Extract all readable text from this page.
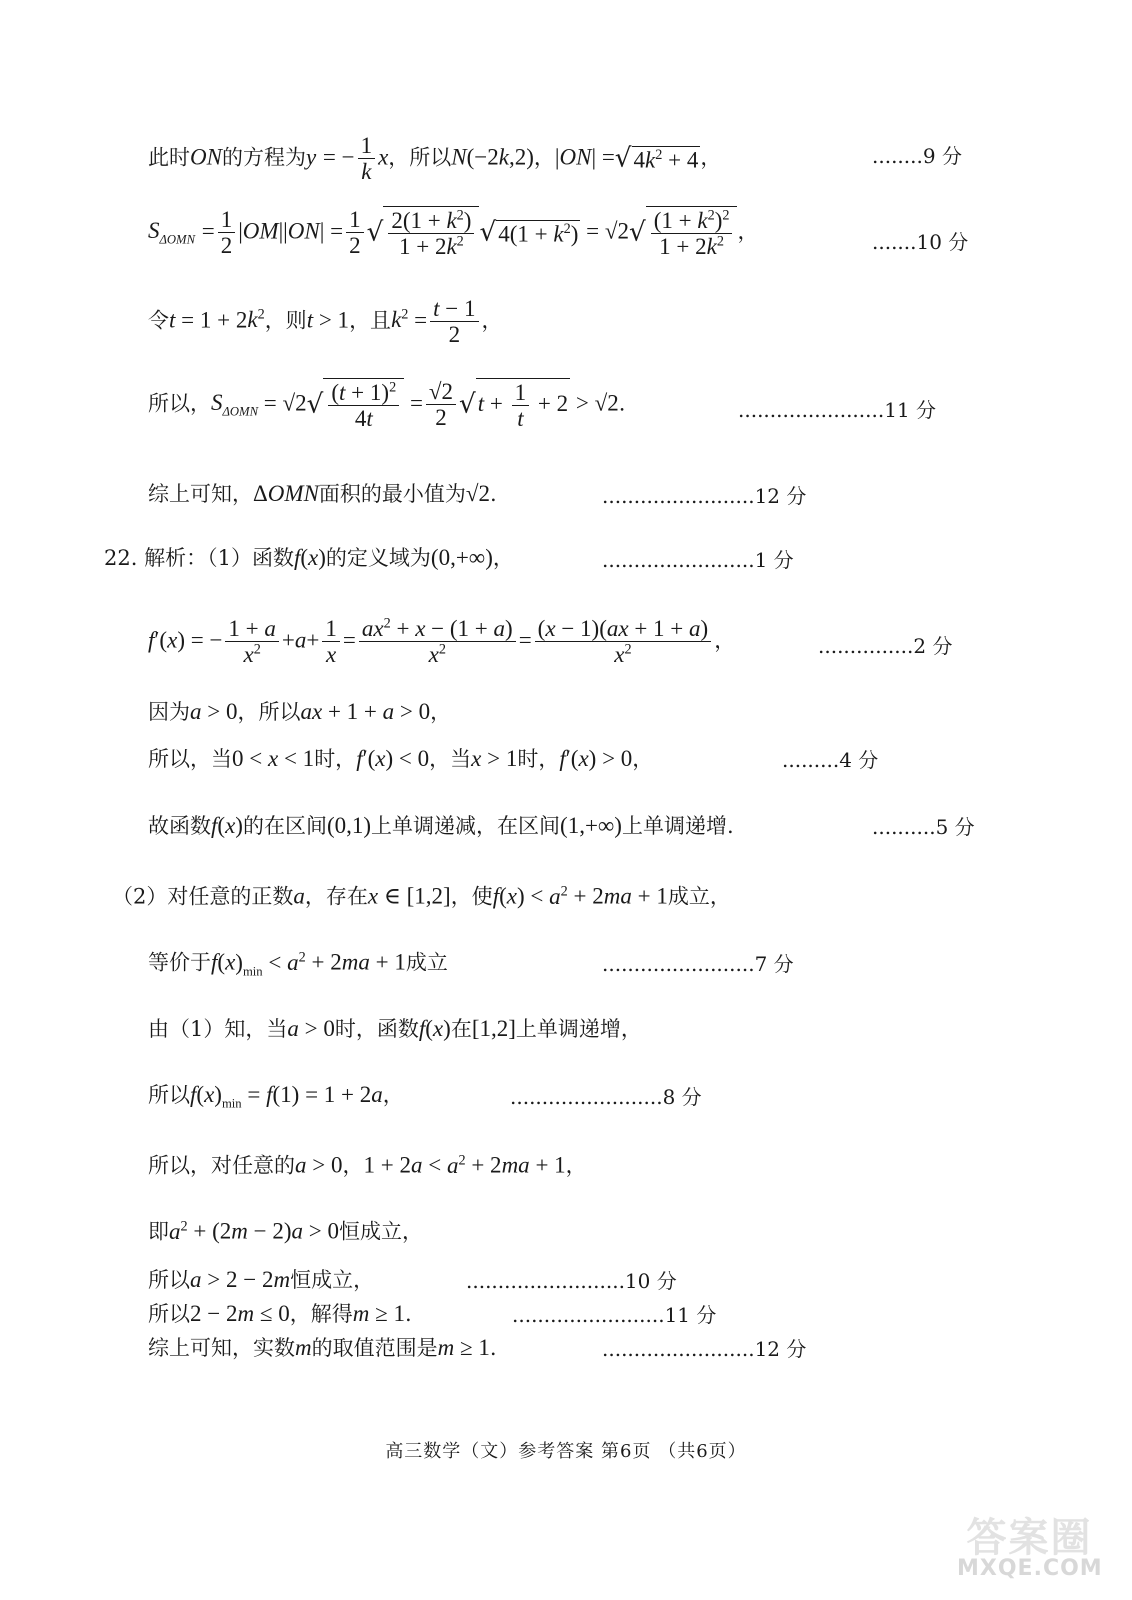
此时ON的方程为y = − $\frac{1}{k}$ x，所以N(−2k,2)，$|ON| =√4k^2 + 4$，	........9 分
$S_{\Delta OMN} = \frac{1}{2} |OM||ON| = \frac{1}{2}$ √ $\frac{2(1 + k^2)}{1 + 2k^2} √4(1 + k^2) = √2√ \frac{(1 + k^2)^2}{1 + 2k^2}$ ，	.......10 分
令$t = 1 + 2k^2$，则t > 1，且$k^2 = \frac{t - 1}{2}$ ，
所以，$S_{\Delta OMN} = √2√ \frac{(t + 1)^2}{4t} = \frac{√2}{2} √t + \frac{1}{t} + 2 > √2$.	.......................11 分
综上可知，ΔOMN面积的最小值为√2.	........................12 分
22. 解析：（1）函数f(x)的定义域为(0,+∞)，	........................1 分
f′(x) = − $\frac{1 + a}{x^2} +a+ \frac{1}{x} = \frac{ax^2 + x - (1 + a)}{x^2} = \frac{(x - 1)(ax + 1 + a)}{x^2}$ ，	...............2 分
因为a > 0，所以ax + 1 + a > 0，
所以，当0 < x < 1时，f′(x) < 0，当x > 1时，f′(x) > 0，	.........4 分
故函数f(x)的在区间(0,1)上单调递减，在区间(1,+∞)上单调递增.	..........5 分
（2）对任意的正数a，存在x ∈ [1,2]，使$f(x) < a^2 + 2ma + 1$成立，
等价于$f(x)_{min} < a^2 + 2ma + 1$成立	........................7 分
由（1）知，当a > 0时，函数f(x)在[1,2]上单调递增，
所以$f(x)_{min} = f(1) = 1 + 2a$，	........................8 分
所以，对任意的a > 0，$1 + 2a < a^2 + 2ma + 1$，
即$a^2 + (2m - 2)a > 0$恒成立，
所以a > 2 − 2m恒成立，	.........................10 分
所以2 − 2m ≤ 0，解得m ≥ 1.	........................11 分
综上可知，实数m的取值范围是m ≥ 1.	........................12 分
高三数学（文）参考答案 第6页 （共6页）
答案圈
MXQE.COM
